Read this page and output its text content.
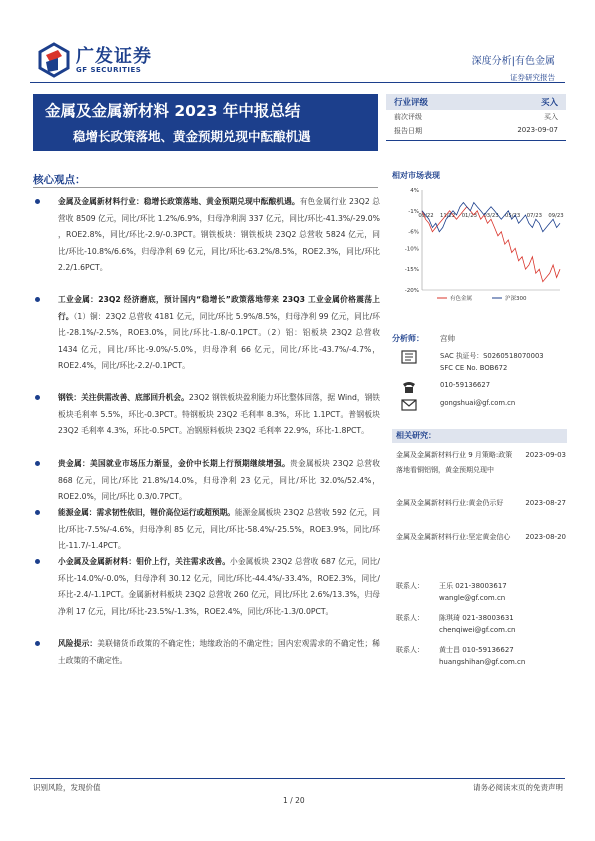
广发证券
GF SECURITIES
深度分析|有色金属
证券研究报告
金属及金属新材料 2023 年中报总结
稳增长政策落地、黄金预期兑现中酝酿机遇
行业评级	买入
前次评级	买入
报告日期	2023-09-07
核心观点：
金属及金属新材料行业：稳增长政策落地、黄金预期兑现中酝酿机遇。有色金属行业 23Q2 总营收 8509 亿元，同比/环比 1.2%/6.9%，归母净利润 337 亿元，同比/环比-41.3%/-29.0% ，ROE2.8%，同比/环比-2.9/-0.3PCT。钢铁板块：钢铁板块 23Q2 总营收 5824 亿元，同比/环比-10.8%/6.6%，归母净利 69 亿元，同比/环比-63.2%/8.5%，ROE2.3%，同比/环比 2.2/1.6PCT。
工业金属：23Q2 经济磨底，预计国内“稳增长”政策落地带来 23Q3 工业金属价格震荡上行。（1）铜：23Q2 总营收 4181 亿元，同比/环比 5.9%/8.5%，归母净利 99 亿元，同比/环比-28.1%/-2.5%，ROE3.0%，同比/环比-1.8/-0.1PCT。（2）铝：铝板块 23Q2 总营收 1434 亿元，同比/环比-9.0%/-5.0%，归母净利 66 亿元，同比/环比-43.7%/-4.7%，ROE2.4%，同比/环比-2.2/-0.1PCT。
钢铁：关注供需改善、底部回升机会。23Q2 钢铁板块盈利能力环比整体回落，据 Wind，钢铁板块毛利率 5.5%，环比-0.3PCT。特钢板块 23Q2 毛利率 8.3%，环比 1.1PCT。普钢板块 23Q2 毛利率 4.3%，环比-0.5PCT。冶钢原料板块 23Q2 毛利率 22.9%，环比-1.8PCT。
贵金属：美国就业市场压力渐显，金价中长期上行预期继续增强。贵金属板块 23Q2 总营收 868 亿元，同比/环比 21.8%/14.0%，归母净利 23 亿元，同比/环比 32.0%/52.4%，ROE2.0%，同比/环比 0.3/0.7PCT。
能源金属：需求韧性依旧，锂价高位运行或超预期。能源金属板块 23Q2 总营收 592 亿元，同比/环比-7.5%/-4.6%，归母净利 85 亿元，同比/环比-58.4%/-25.5%，ROE3.9%，同比/环比-11.7/-1.4PCT。
小金属及金属新材料：钼价上行，关注需求改善。小金属板块 23Q2 总营收 687 亿元，同比/环比-14.0%/-0.0%，归母净利 30.12 亿元，同比/环比-44.4%/-33.4%，ROE2.3%，同比/环比-2.4/-1.1PCT。金属新材料板块 23Q2 总营收 260 亿元，同比/环比 2.6%/13.3%，归母净利 17 亿元，同比/环比-23.5%/-1.3%，ROE2.4%，同比/环比-1.3/0.0PCT。
风险提示：美联储货币政策的不确定性；地缘政治的不确定性；国内宏观需求的不确定性；稀土政策的不确定性。
相对市场表现
4%
-1%
-6%
-10%
-15%
-20%
09/22 11/22 01/23 03/23 05/23 07/23 09/23
有色金属	沪深300
分析师： 宫帅
SAC 执证号：S0260518070003
SFC CE No. BOB672
010-59136627
gongshuai@gf.com.cn
相关研究：
金属及金属新材料行业 9 月策略:政策落地看铜铝钢，黄金预期兑现中
2023-09-03
金属及金属新材料行业:黄金仍示好	2023-08-27
金属及金属新材料行业:坚定黄金信心	2023-08-20
联系人： 王乐 021-38003617
wangle@gf.com.cn
联系人： 陈琪琦 021-38003631
chenqiwei@gf.com.cn
联系人： 黄士昌 010-59136627
huangshihan@gf.com.cn
识别风险，发现价值	请务必阅读末页的免责声明
1 / 20
